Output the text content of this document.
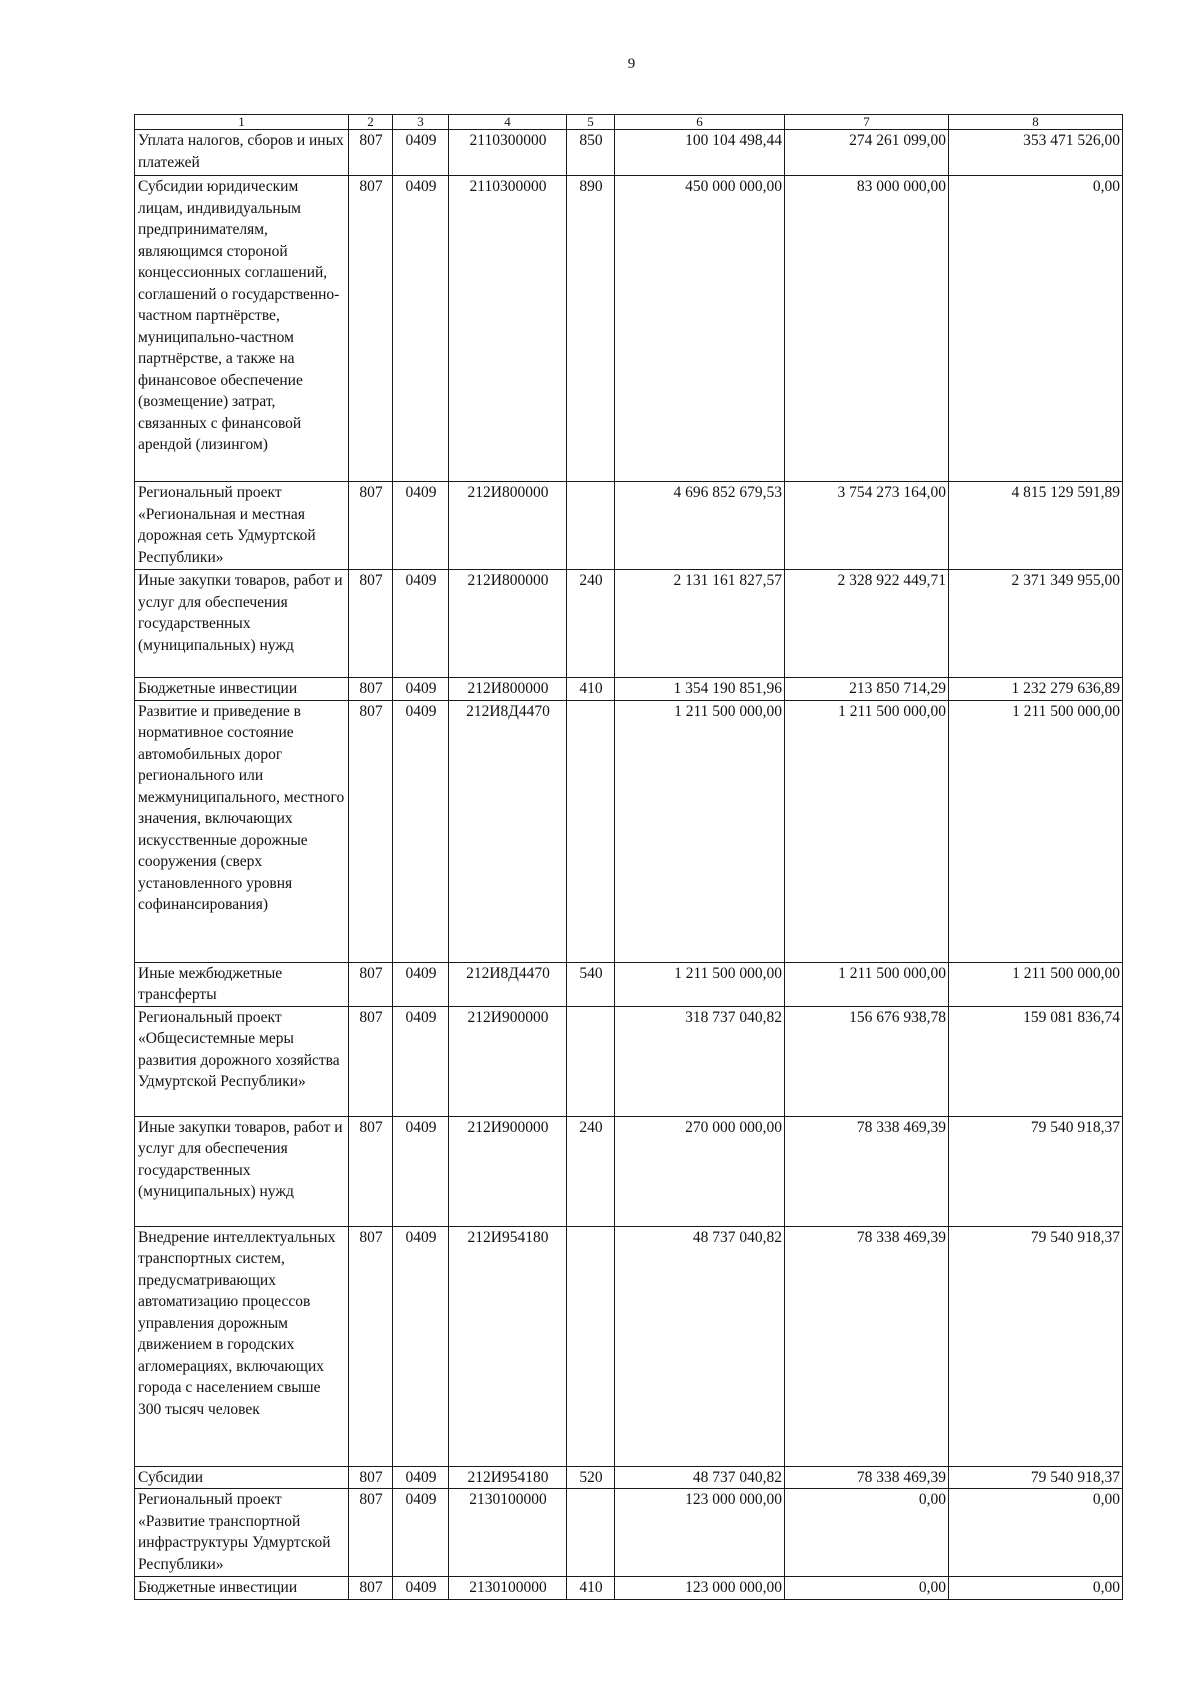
9
1	2	3	4	5	6	7	8
Уплата налогов, сборов и иных платежей	807	0409	2110300000	850	100 104 498,44	274 261 099,00	353 471 526,00
Субсидии юридическим лицам, индивидуальным предпринимателям, являющимся стороной концессионных соглашений, соглашений о государственно-частном партнёрстве, муниципально-частном партнёрстве, а также на финансовое обеспечение (возмещение) затрат, связанных с финансовой арендой (лизингом)	807	0409	2110300000	890	450 000 000,00	83 000 000,00	0,00
Региональный проект «Региональная и местная дорожная сеть Удмуртской Республики»	807	0409	212И800000		4 696 852 679,53	3 754 273 164,00	4 815 129 591,89
Иные закупки товаров, работ и услуг для обеспечения государственных (муниципальных) нужд	807	0409	212И800000	240	2 131 161 827,57	2 328 922 449,71	2 371 349 955,00
Бюджетные инвестиции	807	0409	212И800000	410	1 354 190 851,96	213 850 714,29	1 232 279 636,89
Развитие и приведение в нормативное состояние автомобильных дорог регионального или межмуниципального, местного значения, включающих искусственные дорожные сооружения (сверх установленного уровня софинансирования)	807	0409	212И8Д4470		1 211 500 000,00	1 211 500 000,00	1 211 500 000,00
Иные межбюджетные трансферты	807	0409	212И8Д4470	540	1 211 500 000,00	1 211 500 000,00	1 211 500 000,00
Региональный проект «Общесистемные меры развития дорожного хозяйства Удмуртской Республики»	807	0409	212И900000		318 737 040,82	156 676 938,78	159 081 836,74
Иные закупки товаров, работ и услуг для обеспечения государственных (муниципальных) нужд	807	0409	212И900000	240	270 000 000,00	78 338 469,39	79 540 918,37
Внедрение интеллектуальных транспортных систем, предусматривающих автоматизацию процессов управления дорожным движением в городских агломерациях, включающих города с населением свыше 300 тысяч человек	807	0409	212И954180		48 737 040,82	78 338 469,39	79 540 918,37
Субсидии	807	0409	212И954180	520	48 737 040,82	78 338 469,39	79 540 918,37
Региональный проект «Развитие транспортной инфраструктуры Удмуртской Республики»	807	0409	2130100000		123 000 000,00	0,00	0,00
Бюджетные инвестиции	807	0409	2130100000	410	123 000 000,00	0,00	0,00
